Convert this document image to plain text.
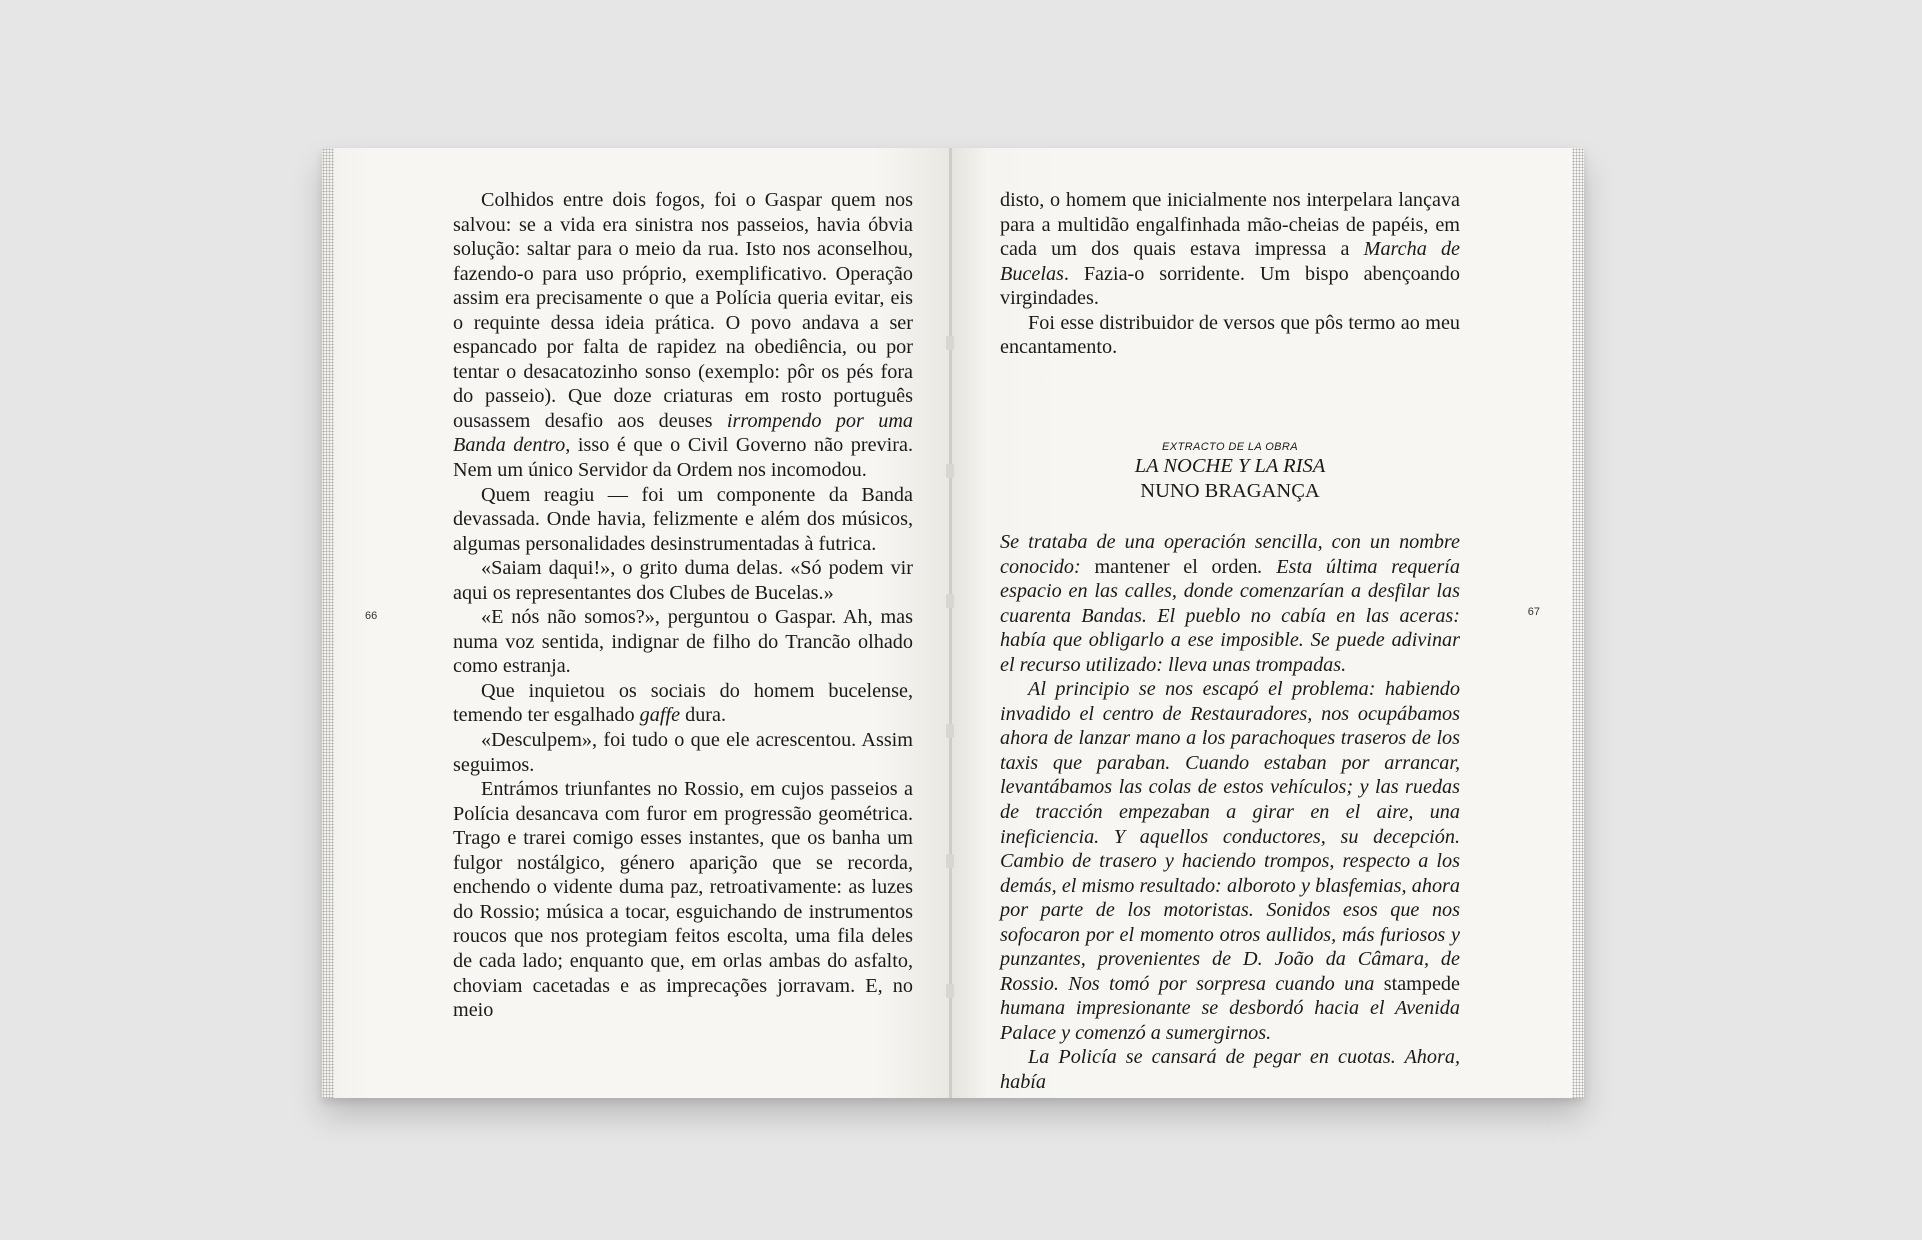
66

Colhidos entre dois fogos, foi o Gaspar quem nos salvou: se a vida era sinistra nos passeios, havia óbvia solução: saltar para o meio da rua. Isto nos aconselhou, fazendo-o para uso próprio, exemplificativo. Operação assim era precisamente o que a Polícia queria evitar, eis o requinte dessa ideia prática. O povo andava a ser espancado por falta de rapidez na obediência, ou por tentar o desacatozinho sonso (exemplo: pôr os pés fora do passeio). Que doze criaturas em rosto português ousassem desafio aos deuses irrompendo por uma Banda dentro, isso é que o Civil Governo não previra. Nem um único Servidor da Ordem nos incomodou.

Quem reagiu — foi um componente da Banda devassada. Onde havia, felizmente e além dos músicos, algumas personalidades desinstrumentadas à futrica.

«Saiam daqui!», o grito duma delas. «Só podem vir aqui os representantes dos Clubes de Bucelas.»

«E nós não somos?», perguntou o Gaspar. Ah, mas numa voz sentida, indignar de filho do Trancão olhado como estranja.

Que inquietou os sociais do homem bucelense, temendo ter esgalhado gaffe dura.

«Desculpem», foi tudo o que ele acrescentou. Assim seguimos.

Entrámos triunfantes no Rossio, em cujos passeios a Polícia desancava com furor em progressão geométrica. Trago e trarei comigo esses instantes, que os banha um fulgor nostálgico, género aparição que se recorda, enchendo o vidente duma paz, retroativamente: as luzes do Rossio; música a tocar, esguichando de instrumentos roucos que nos protegiam feitos escolta, uma fila deles de cada lado; enquanto que, em orlas ambas do asfalto, choviam cacetadas e as imprecações jorravam. E, no meio

67

disto, o homem que inicialmente nos interpelara lançava para a multidão engalfinhada mão-cheias de papéis, em cada um dos quais estava impressa a Marcha de Bucelas. Fazia-o sorridente. Um bispo abençoando virgindades.

Foi esse distribuidor de versos que pôs termo ao meu encantamento.

EXTRACTO DE LA OBRA
LA NOCHE Y LA RISA
NUNO BRAGANÇA

Se trataba de una operación sencilla, con un nombre conocido: mantener el orden. Esta última requería espacio en las calles, donde comenzarían a desfilar las cuarenta Bandas. El pueblo no cabía en las aceras: había que obligarlo a ese imposible. Se puede adivinar el recurso utilizado: lleva unas trompadas.

Al principio se nos escapó el problema: habiendo invadido el centro de Restauradores, nos ocupábamos ahora de lanzar mano a los parachoques traseros de los taxis que paraban. Cuando estaban por arrancar, levantábamos las colas de estos vehículos; y las ruedas de tracción empezaban a girar en el aire, una ineficiencia. Y aquellos conductores, su decepción. Cambio de trasero y haciendo trompos, respecto a los demás, el mismo resultado: alboroto y blasfemias, ahora por parte de los motoristas. Sonidos esos que nos sofocaron por el momento otros aullidos, más furiosos y punzantes, provenientes de D. João da Câmara, de Rossio. Nos tomó por sorpresa cuando una stampede humana impresionante se desbordó hacia el Avenida Palace y comenzó a sumergirnos.

La Policía se cansará de pegar en cuotas. Ahora, había
